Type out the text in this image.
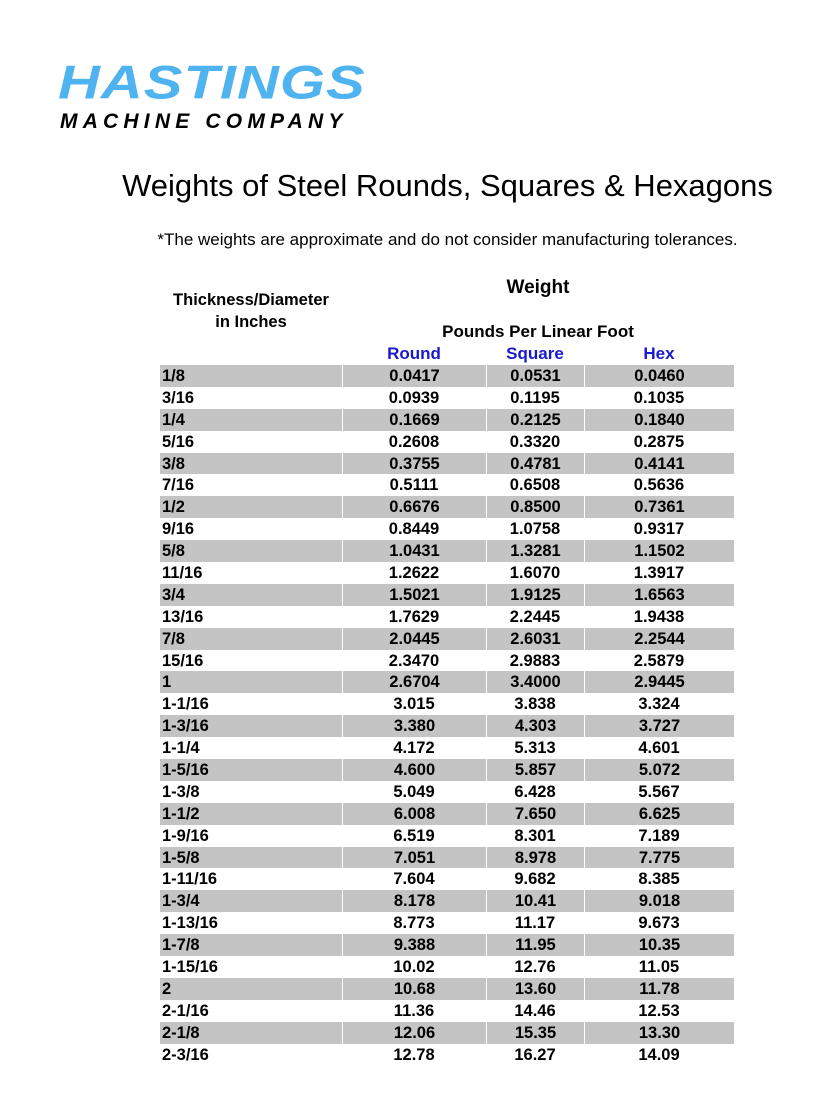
HASTINGS
MACHINE COMPANY
Weights of Steel Rounds, Squares & Hexagons
*The weights are approximate and do not consider manufacturing tolerances.
Thickness/Diameter
in Inches
Weight
Pounds Per Linear Foot
Round	Square	Hex
1/8	0.0417	0.0531	0.0460
3/16	0.0939	0.1195	0.1035
1/4	0.1669	0.2125	0.1840
5/16	0.2608	0.3320	0.2875
3/8	0.3755	0.4781	0.4141
7/16	0.5111	0.6508	0.5636
1/2	0.6676	0.8500	0.7361
9/16	0.8449	1.0758	0.9317
5/8	1.0431	1.3281	1.1502
11/16	1.2622	1.6070	1.3917
3/4	1.5021	1.9125	1.6563
13/16	1.7629	2.2445	1.9438
7/8	2.0445	2.6031	2.2544
15/16	2.3470	2.9883	2.5879
1	2.6704	3.4000	2.9445
1-1/16	3.015	3.838	3.324
1-3/16	3.380	4.303	3.727
1-1/4	4.172	5.313	4.601
1-5/16	4.600	5.857	5.072
1-3/8	5.049	6.428	5.567
1-1/2	6.008	7.650	6.625
1-9/16	6.519	8.301	7.189
1-5/8	7.051	8.978	7.775
1-11/16	7.604	9.682	8.385
1-3/4	8.178	10.41	9.018
1-13/16	8.773	11.17	9.673
1-7/8	9.388	11.95	10.35
1-15/16	10.02	12.76	11.05
2	10.68	13.60	11.78
2-1/16	11.36	14.46	12.53
2-1/8	12.06	15.35	13.30
2-3/16	12.78	16.27	14.09
